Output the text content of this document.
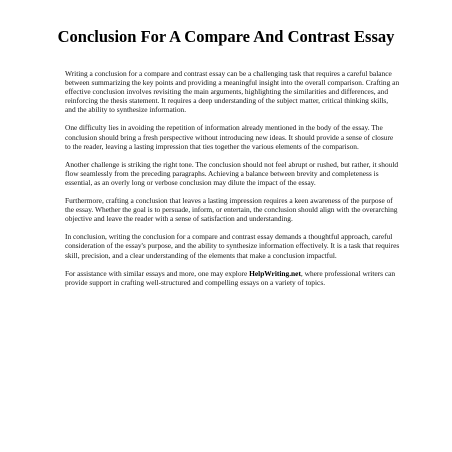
Conclusion For A Compare And Contrast Essay

Writing a conclusion for a compare and contrast essay can be a challenging task that requires a careful balance between summarizing the key points and providing a meaningful insight into the overall comparison. Crafting an effective conclusion involves revisiting the main arguments, highlighting the similarities and differences, and reinforcing the thesis statement. It requires a deep understanding of the subject matter, critical thinking skills, and the ability to synthesize information.

One difficulty lies in avoiding the repetition of information already mentioned in the body of the essay. The conclusion should bring a fresh perspective without introducing new ideas. It should provide a sense of closure to the reader, leaving a lasting impression that ties together the various elements of the comparison.

Another challenge is striking the right tone. The conclusion should not feel abrupt or rushed, but rather, it should flow seamlessly from the preceding paragraphs. Achieving a balance between brevity and completeness is essential, as an overly long or verbose conclusion may dilute the impact of the essay.

Furthermore, crafting a conclusion that leaves a lasting impression requires a keen awareness of the purpose of the essay. Whether the goal is to persuade, inform, or entertain, the conclusion should align with the overarching objective and leave the reader with a sense of satisfaction and understanding.

In conclusion, writing the conclusion for a compare and contrast essay demands a thoughtful approach, careful consideration of the essay's purpose, and the ability to synthesize information effectively. It is a task that requires skill, precision, and a clear understanding of the elements that make a conclusion impactful.

For assistance with similar essays and more, one may explore HelpWriting.net, where professional writers can provide support in crafting well-structured and compelling essays on a variety of topics.
